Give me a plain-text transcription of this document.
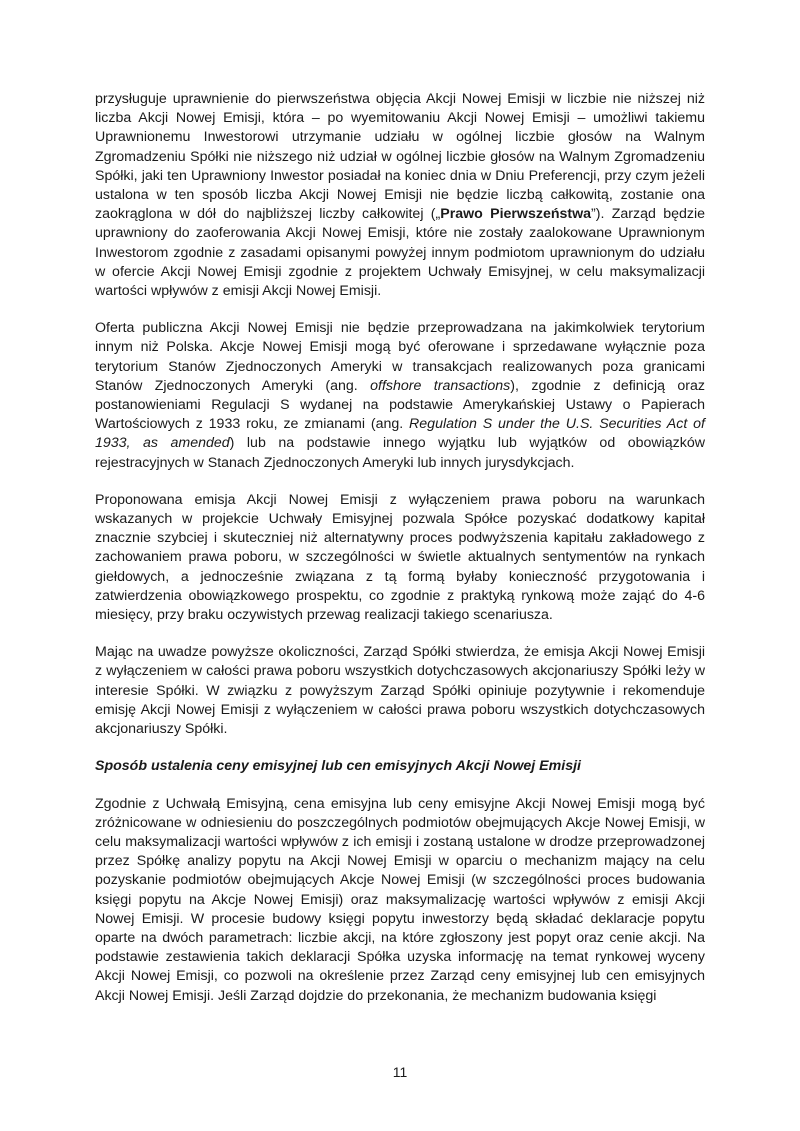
przysługuje uprawnienie do pierwszeństwa objęcia Akcji Nowej Emisji w liczbie nie niższej niż liczba Akcji Nowej Emisji, która – po wyemitowaniu Akcji Nowej Emisji – umożliwi takiemu Uprawnionemu Inwestorowi utrzymanie udziału w ogólnej liczbie głosów na Walnym Zgromadzeniu Spółki nie niższego niż udział w ogólnej liczbie głosów na Walnym Zgromadzeniu Spółki, jaki ten Uprawniony Inwestor posiadał na koniec dnia w Dniu Preferencji, przy czym jeżeli ustalona w ten sposób liczba Akcji Nowej Emisji nie będzie liczbą całkowitą, zostanie ona zaokrąglona w dół do najbliższej liczby całkowitej („Prawo Pierwszeństwa”). Zarząd będzie uprawniony do zaoferowania Akcji Nowej Emisji, które nie zostały zaalokowane Uprawnionym Inwestorom zgodnie z zasadami opisanymi powyżej innym podmiotom uprawnionym do udziału w ofercie Akcji Nowej Emisji zgodnie z projektem Uchwały Emisyjnej, w celu maksymalizacji wartości wpływów z emisji Akcji Nowej Emisji.

Oferta publiczna Akcji Nowej Emisji nie będzie przeprowadzana na jakimkolwiek terytorium innym niż Polska. Akcje Nowej Emisji mogą być oferowane i sprzedawane wyłącznie poza terytorium Stanów Zjednoczonych Ameryki w transakcjach realizowanych poza granicami Stanów Zjednoczonych Ameryki (ang. offshore transactions), zgodnie z definicją oraz postanowieniami Regulacji S wydanej na podstawie Amerykańskiej Ustawy o Papierach Wartościowych z 1933 roku, ze zmianami (ang. Regulation S under the U.S. Securities Act of 1933, as amended) lub na podstawie innego wyjątku lub wyjątków od obowiązków rejestracyjnych w Stanach Zjednoczonych Ameryki lub innych jurysdykcjach.

Proponowana emisja Akcji Nowej Emisji z wyłączeniem prawa poboru na warunkach wskazanych w projekcie Uchwały Emisyjnej pozwala Spółce pozyskać dodatkowy kapitał znacznie szybciej i skuteczniej niż alternatywny proces podwyższenia kapitału zakładowego z zachowaniem prawa poboru, w szczególności w świetle aktualnych sentymentów na rynkach giełdowych, a jednocześnie związana z tą formą byłaby konieczność przygotowania i zatwierdzenia obowiązkowego prospektu, co zgodnie z praktyką rynkową może zająć do 4-6 miesięcy, przy braku oczywistych przewag realizacji takiego scenariusza.

Mając na uwadze powyższe okoliczności, Zarząd Spółki stwierdza, że emisja Akcji Nowej Emisji z wyłączeniem w całości prawa poboru wszystkich dotychczasowych akcjonariuszy Spółki leży w interesie Spółki. W związku z powyższym Zarząd Spółki opiniuje pozytywnie i rekomenduje emisję Akcji Nowej Emisji z wyłączeniem w całości prawa poboru wszystkich dotychczasowych akcjonariuszy Spółki.

Sposób ustalenia ceny emisyjnej lub cen emisyjnych Akcji Nowej Emisji

Zgodnie z Uchwałą Emisyjną, cena emisyjna lub ceny emisyjne Akcji Nowej Emisji mogą być zróżnicowane w odniesieniu do poszczególnych podmiotów obejmujących Akcje Nowej Emisji, w celu maksymalizacji wartości wpływów z ich emisji i zostaną ustalone w drodze przeprowadzonej przez Spółkę analizy popytu na Akcji Nowej Emisji w oparciu o mechanizm mający na celu pozyskanie podmiotów obejmujących Akcje Nowej Emisji (w szczególności proces budowania księgi popytu na Akcje Nowej Emisji) oraz maksymalizację wartości wpływów z emisji Akcji Nowej Emisji. W procesie budowy księgi popytu inwestorzy będą składać deklaracje popytu oparte na dwóch parametrach: liczbie akcji, na które zgłoszony jest popyt oraz cenie akcji. Na podstawie zestawienia takich deklaracji Spółka uzyska informację na temat rynkowej wyceny Akcji Nowej Emisji, co pozwoli na określenie przez Zarząd ceny emisyjnej lub cen emisyjnych Akcji Nowej Emisji. Jeśli Zarząd dojdzie do przekonania, że mechanizm budowania księgi

11
